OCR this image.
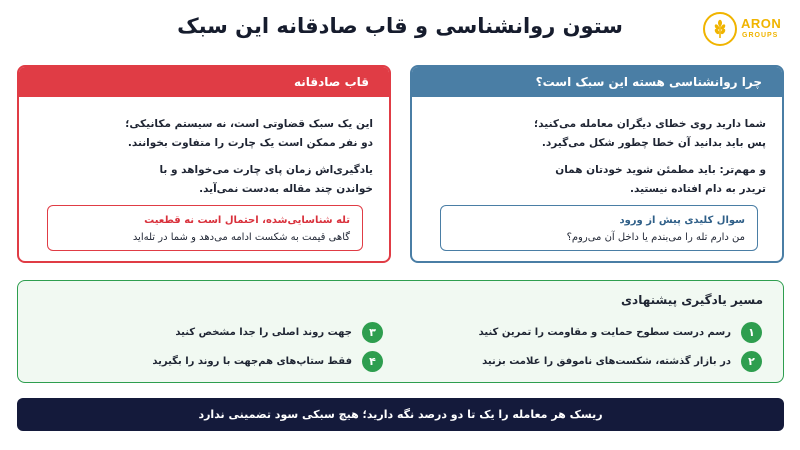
ستون روانشناسی و قاب صادقانه این سبک	ARON
GROUPS
چرا روانشناسی هسته این سبک است؟
شما دارید روی خطای دیگران معامله می‌کنید؛
پس باید بدانید آن خطا چطور شکل می‌گیرد.
و مهم‌تر: باید مطمئن شوید خودتان همان
تریدر به دام افتاده نیستید.
سوال کلیدی پیش از ورود
من دارم تله را می‌بندم یا داخل آن می‌روم؟
قاب صادقانه
این یک سبک قضاوتی است، نه سیستم مکانیکی؛
دو نفر ممکن است یک چارت را متفاوت بخوانند.
یادگیری‌اش زمان پای چارت می‌خواهد و با
خواندن چند مقاله به‌دست نمی‌آید.
تله شناسایی‌شده، احتمال است نه قطعیت
گاهی قیمت به شکست ادامه می‌دهد و شما در تله‌اید
مسیر یادگیری پیشنهادی
۱
رسم درست سطوح حمایت و مقاومت را تمرین کنید
۲
در بازار گذشته، شکست‌های ناموفق را علامت بزنید
۳
جهت روند اصلی را جدا مشخص کنید
۴
فقط ستاپ‌های هم‌جهت با روند را بگیرید
ریسک هر معامله را یک تا دو درصد نگه دارید؛ هیچ سبکی سود تضمینی ندارد
